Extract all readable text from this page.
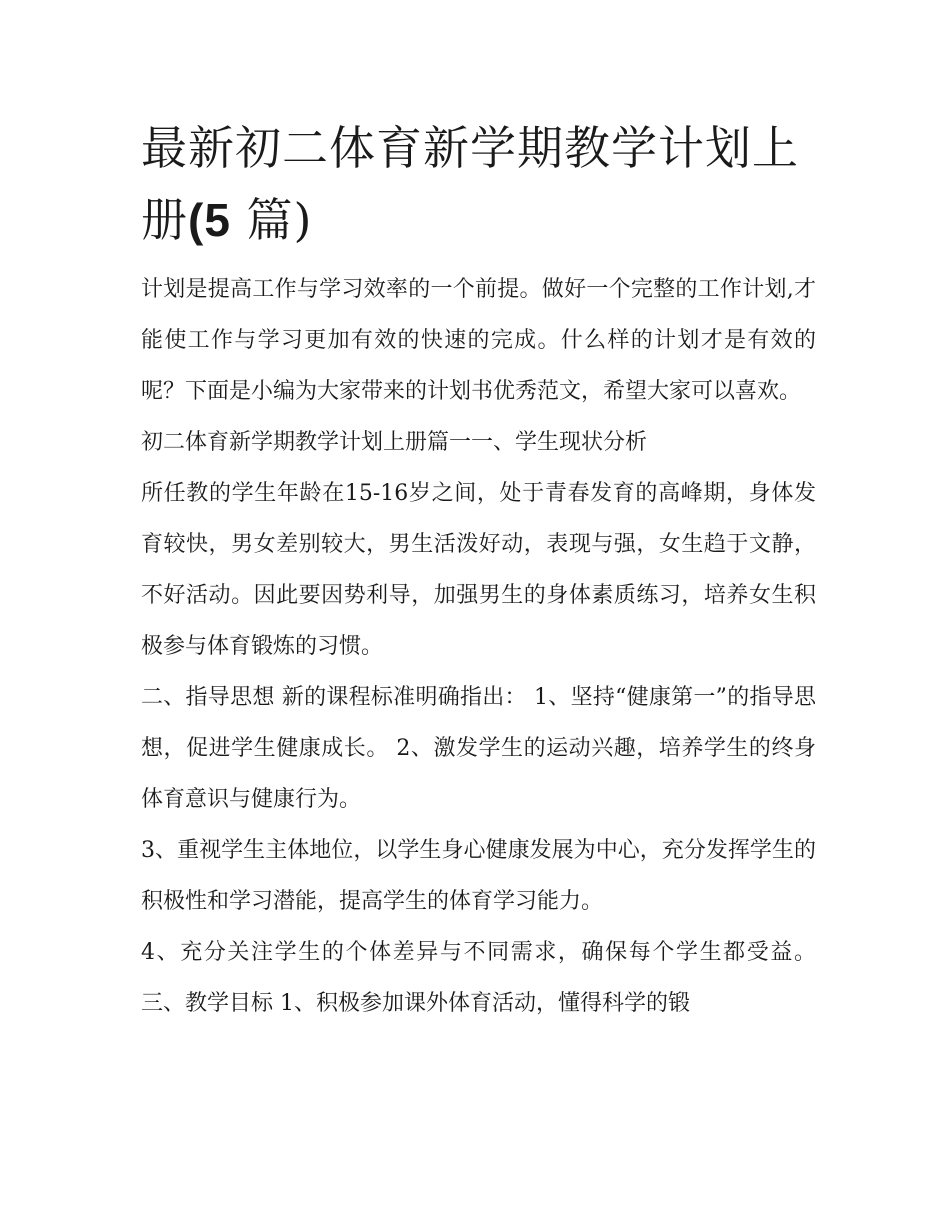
最新初二体育新学期教学计划上册(5 篇)

计划是提高工作与学习效率的一个前提。做好一个完整的工作计划,才能使工作与学习更加有效的快速的完成。什么样的计划才是有效的呢？下面是小编为大家带来的计划书优秀范文，希望大家可以喜欢。

初二体育新学期教学计划上册篇一一、学生现状分析

所任教的学生年龄在15-16岁之间，处于青春发育的高峰期，身体发育较快，男女差别较大，男生活泼好动，表现与强，女生趋于文静，不好活动。因此要因势利导，加强男生的身体素质练习，培养女生积极参与体育锻炼的习惯。

二、指导思想 新的课程标准明确指出： 1、坚持“健康第一”的指导思想，促进学生健康成长。 2、激发学生的运动兴趣，培养学生的终身体育意识与健康行为。

3、重视学生主体地位，以学生身心健康发展为中心，充分发挥学生的积极性和学习潜能，提高学生的体育学习能力。

4、充分关注学生的个体差异与不同需求，确保每个学生都受益。 三、教学目标 1、积极参加课外体育活动，懂得科学的锻
